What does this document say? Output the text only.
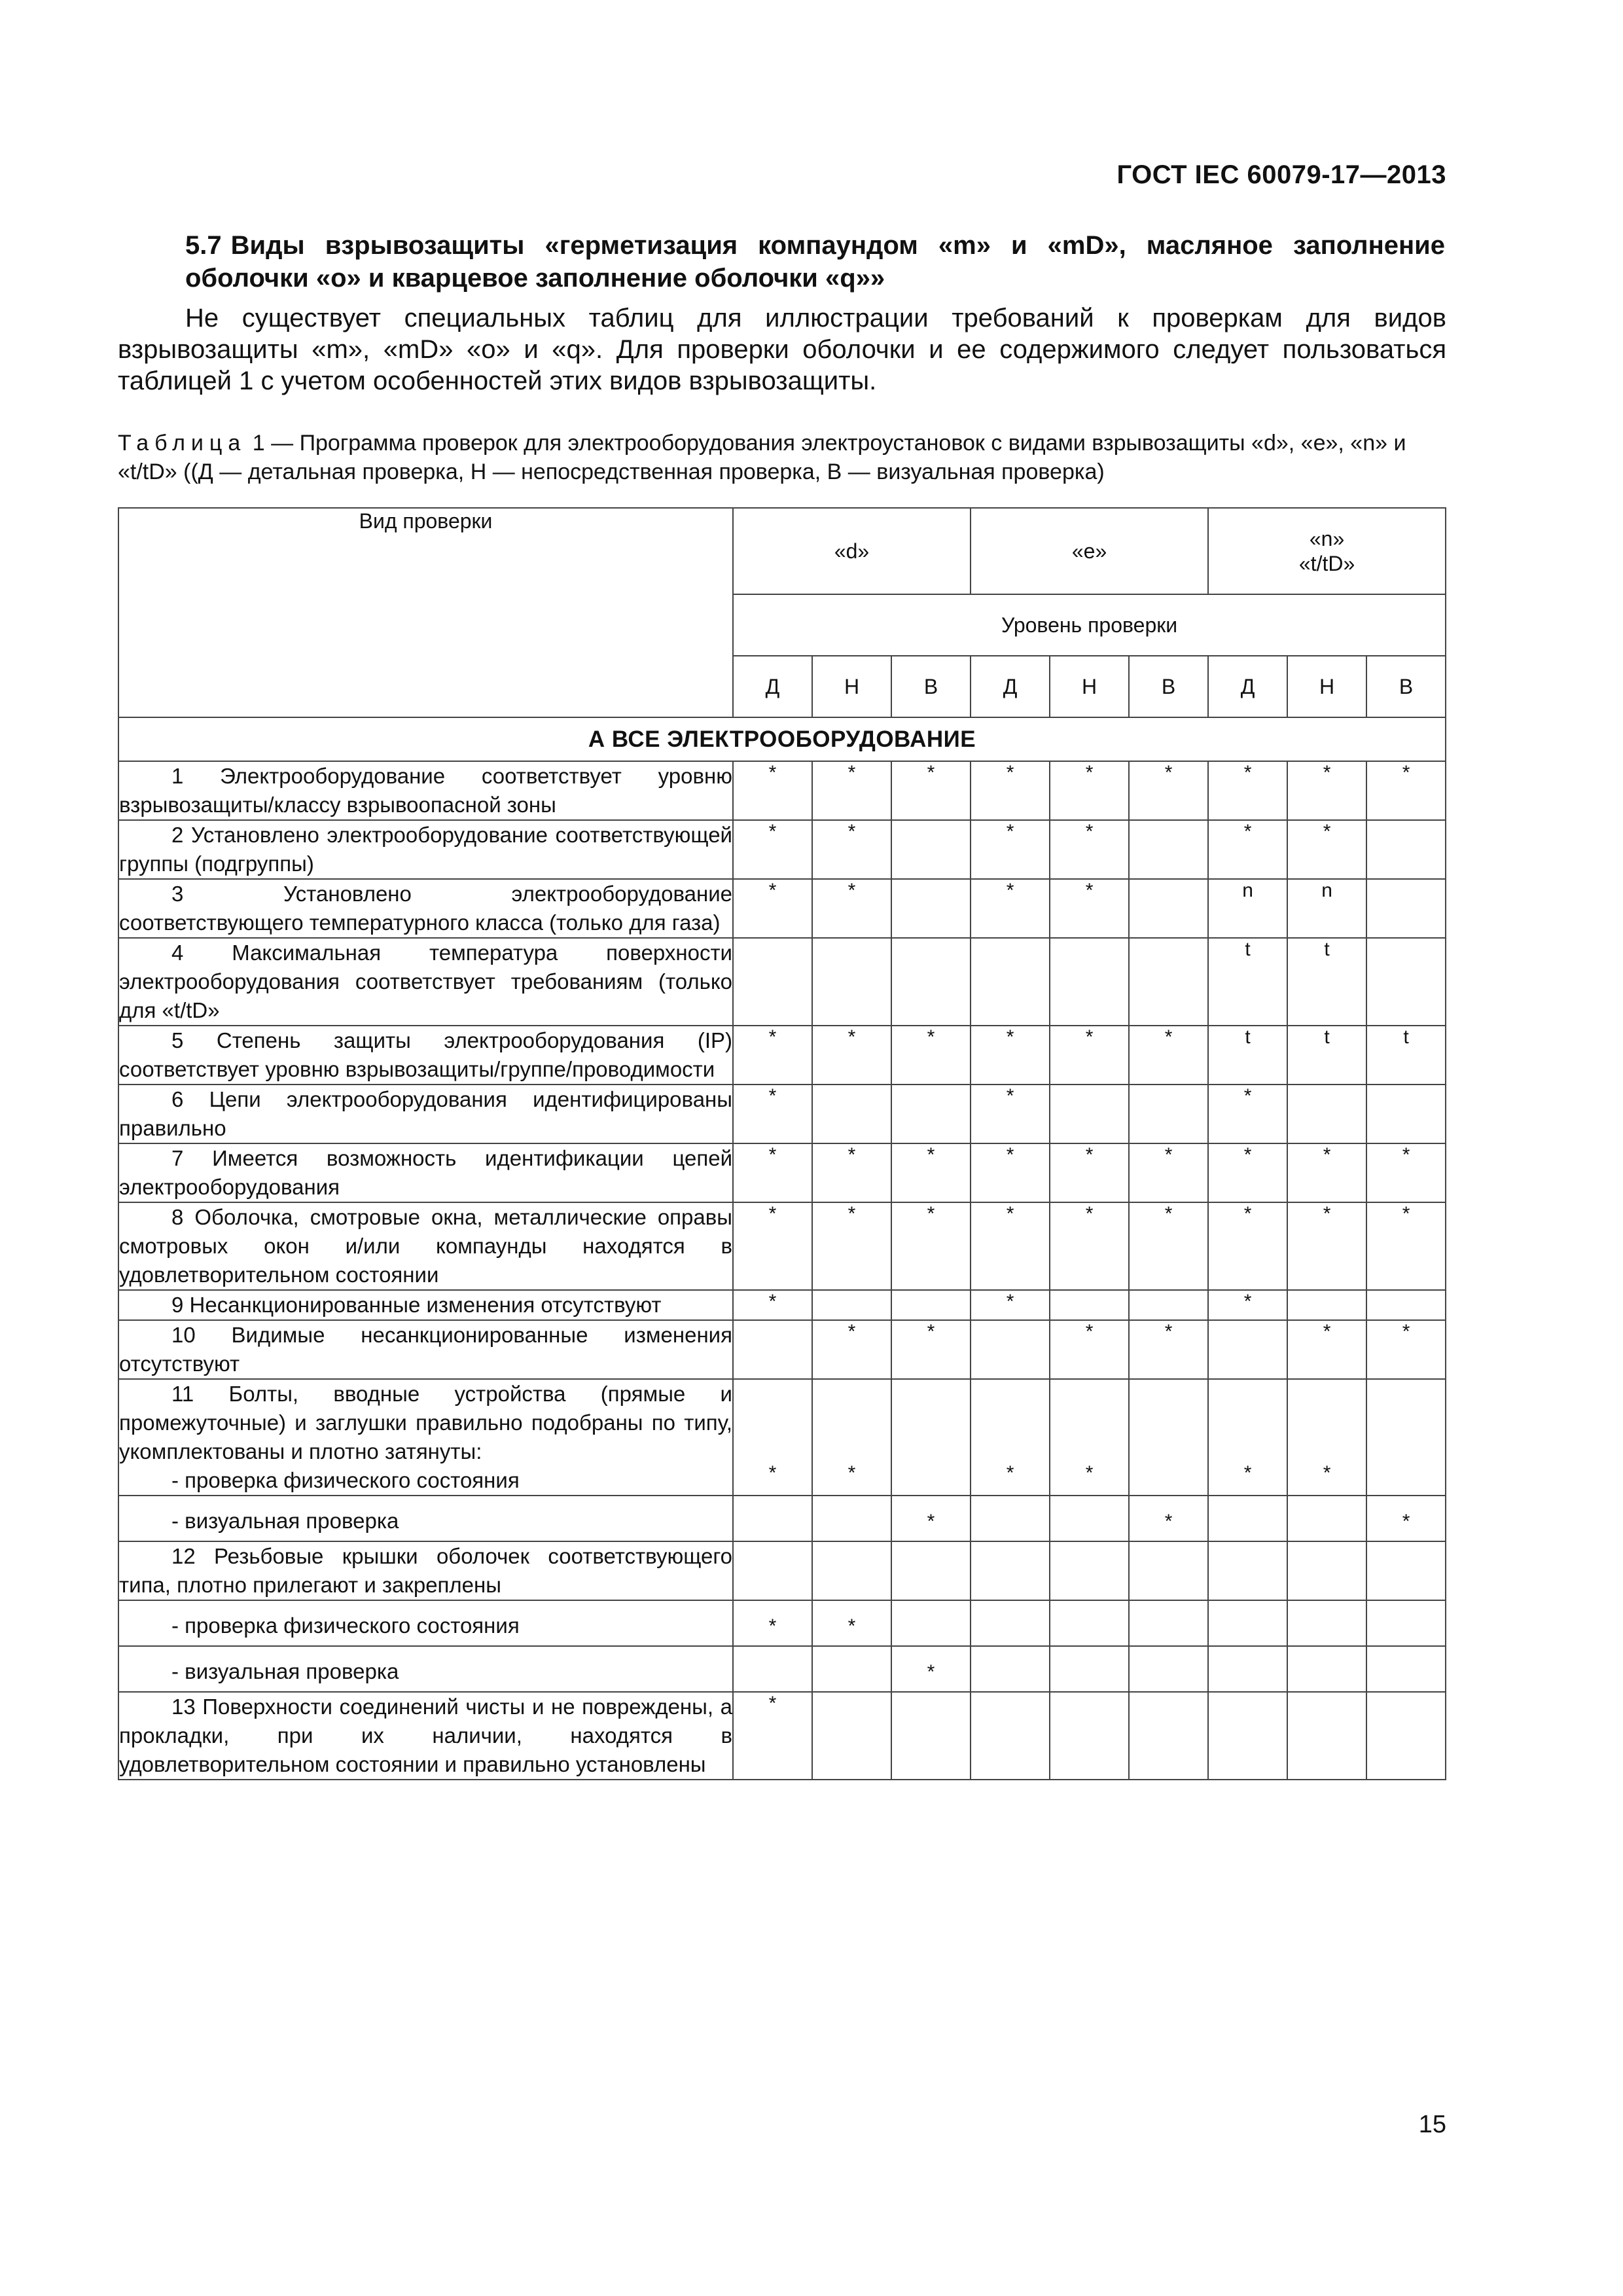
ГОСТ IEC 60079-17—2013
5.7 Виды взрывозащиты «герметизация компаундом «m» и «mD», масляное заполнение оболочки «о» и кварцевое заполнение оболочки «q»»
Не существует специальных таблиц для иллюстрации требований к проверкам для видов взрывозащиты «m», «mD» «о» и «q». Для проверки оболочки и ее содержимого следует пользоваться таблицей 1 с учетом особенностей этих видов взрывозащиты.
Таблица 1 — Программа проверок для электрооборудования электроустановок с видами взрывозащиты «d», «е», «n» и «t/tD» ((Д — детальная проверка, Н — непосредственная проверка, В — визуальная проверка)
Вид проверки	«d»			«е»			«n»
«t/tD»		
	Уровень проверки								
	Д	Н	В	Д	Н	В	Д	Н	В
А ВСЕ ЭЛЕКТРООБОРУДОВАНИЕ									

1 Электрооборудование соответствует уровню взрывозащиты/классу взрывоопасной зоны	*	*	*	*	*	*	*	*	*

2 Установлено электрооборудование соответствующей группы (подгруппы)	*	*		*	*		*	*	

3 Установлено электрооборудование соответствующего температурного класса (только для газа)	*	*		*	*		n	n	

4 Максимальная температура поверхности электрооборудования соответствует требованиям (только для «t/tD»							t	t	

5 Степень защиты электрооборудования (IP) соответствует уровню взрывозащиты/группе/проводимости	*	*	*	*	*	*	t	t	t

6 Цепи электрооборудования идентифицированы правильно	*			*			*		

7 Имеется возможность идентификации цепей электрооборудования	*	*	*	*	*	*	*	*	*

8 Оболочка, смотровые окна, металлические оправы смотровых окон и/или компаунды находятся в удовлетворительном состоянии	*	*	*	*	*	*	*	*	*

9 Несанкционированные изменения отсутствуют	*			*			*		

10 Видимые несанкционированные изменения отсутствуют		*	*		*	*		*	*

11 Болты, вводные устройства (прямые и промежуточные) и заглушки правильно подобраны по типу, укомплектованы и плотно затянуты:
- проверка физического состояния	*	*		*	*		*	*	
- визуальная проверка			*			*			*

12 Резьбовые крышки оболочек соответствующего типа, плотно прилегают и закреплены									

- проверка физического состояния	*	*							
- визуальная проверка			*						

13 Поверхности соединений чисты и не повреждены, а прокладки, при их наличии, находятся в удовлетворительном состоянии и правильно установлены	*								
15
